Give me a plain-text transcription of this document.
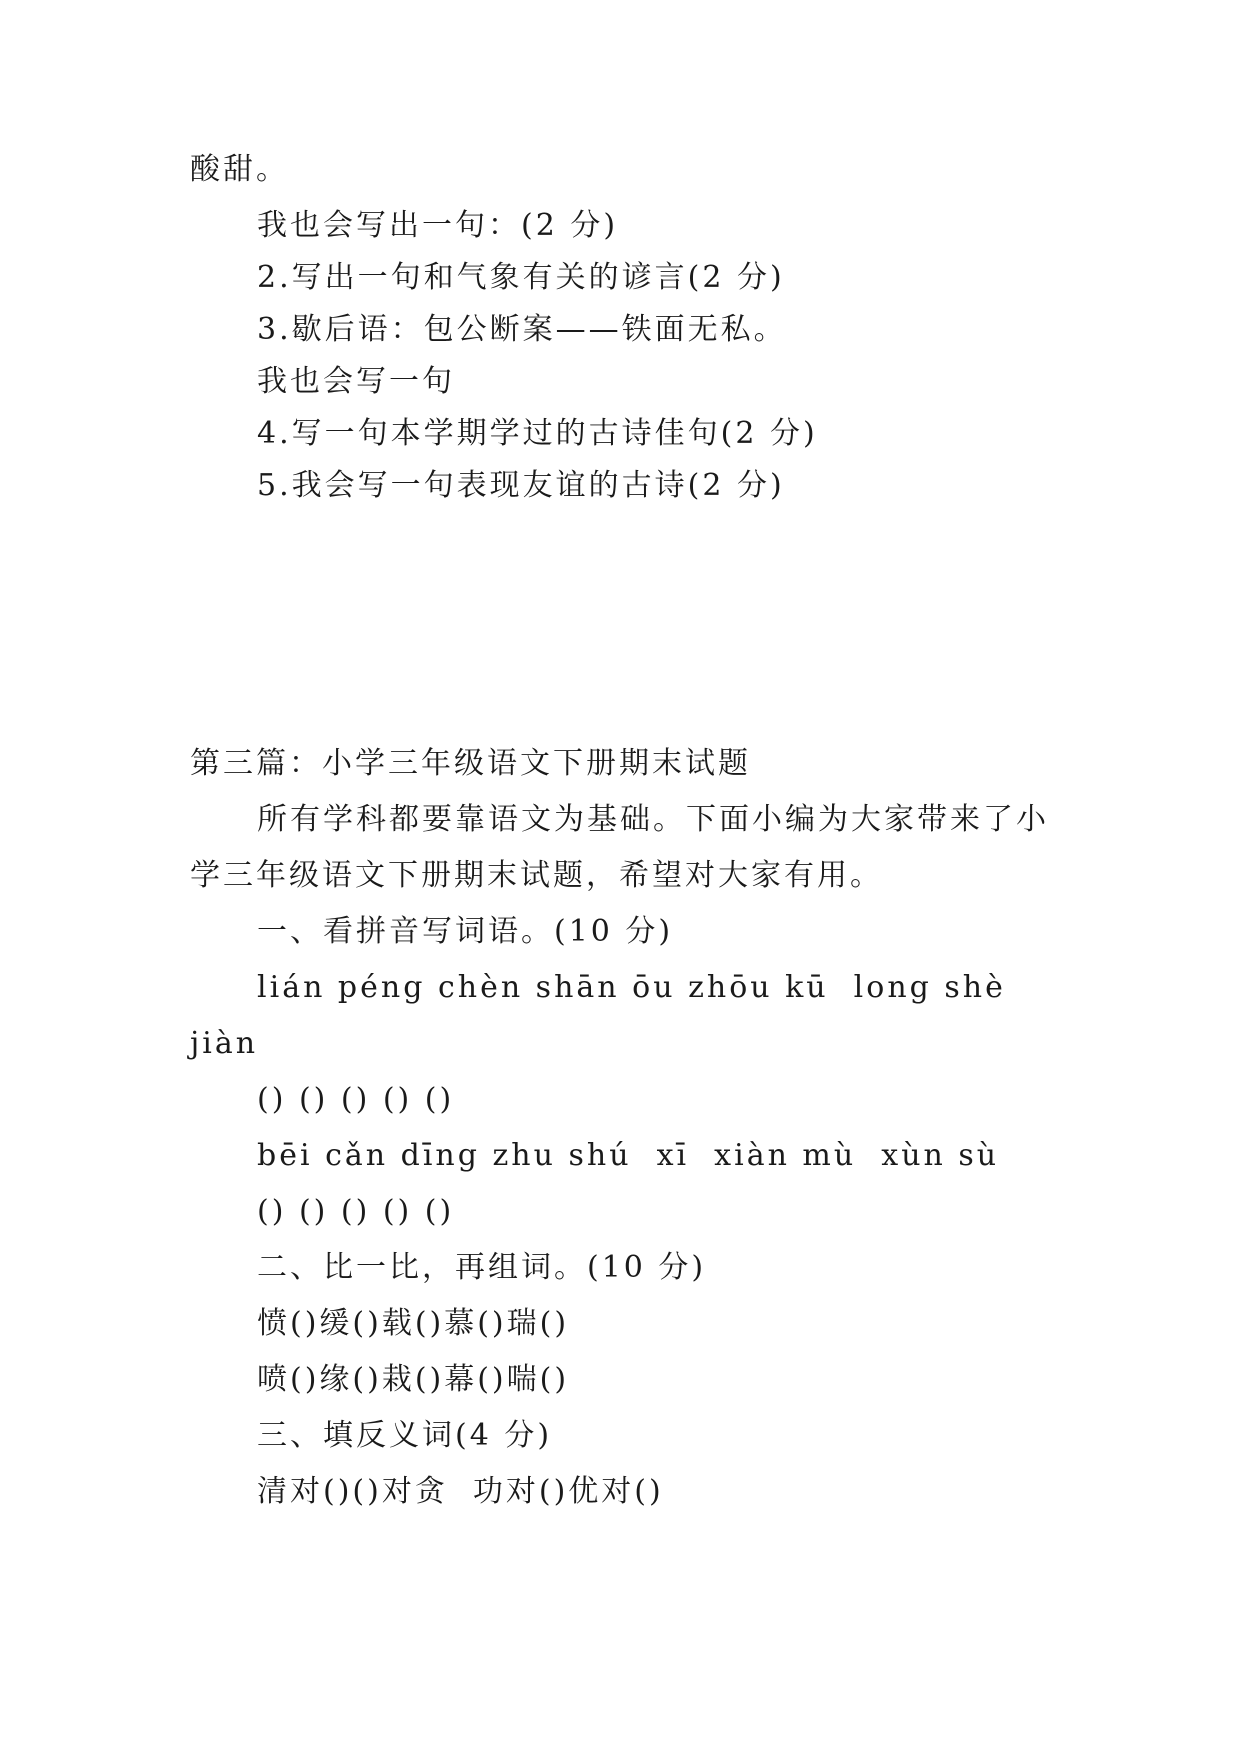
酸甜。
我也会写出一句：(2 分)
2.写出一句和气象有关的谚言(2 分)
3.歇后语：包公断案——铁面无私。
我也会写一句
4.写一句本学期学过的古诗佳句(2 分)
5.我会写一句表现友谊的古诗(2 分)
第三篇：小学三年级语文下册期末试题
所有学科都要靠语文为基础。下面小编为大家带来了小
学三年级语文下册期末试题，希望对大家有用。
一、看拼音写词语。(10 分)
lián péng chèn shān ōu zhōu kū  long shè
jiàn
() () () () ()
bēi cǎn dīng zhu shú  xī  xiàn mù  xùn sù
() () () () ()
二、比一比，再组词。(10 分)
愤()缓()载()慕()瑞()
喷()缘()栽()幕()喘()
三、填反义词(4 分)
清对()()对贪  功对()优对()
